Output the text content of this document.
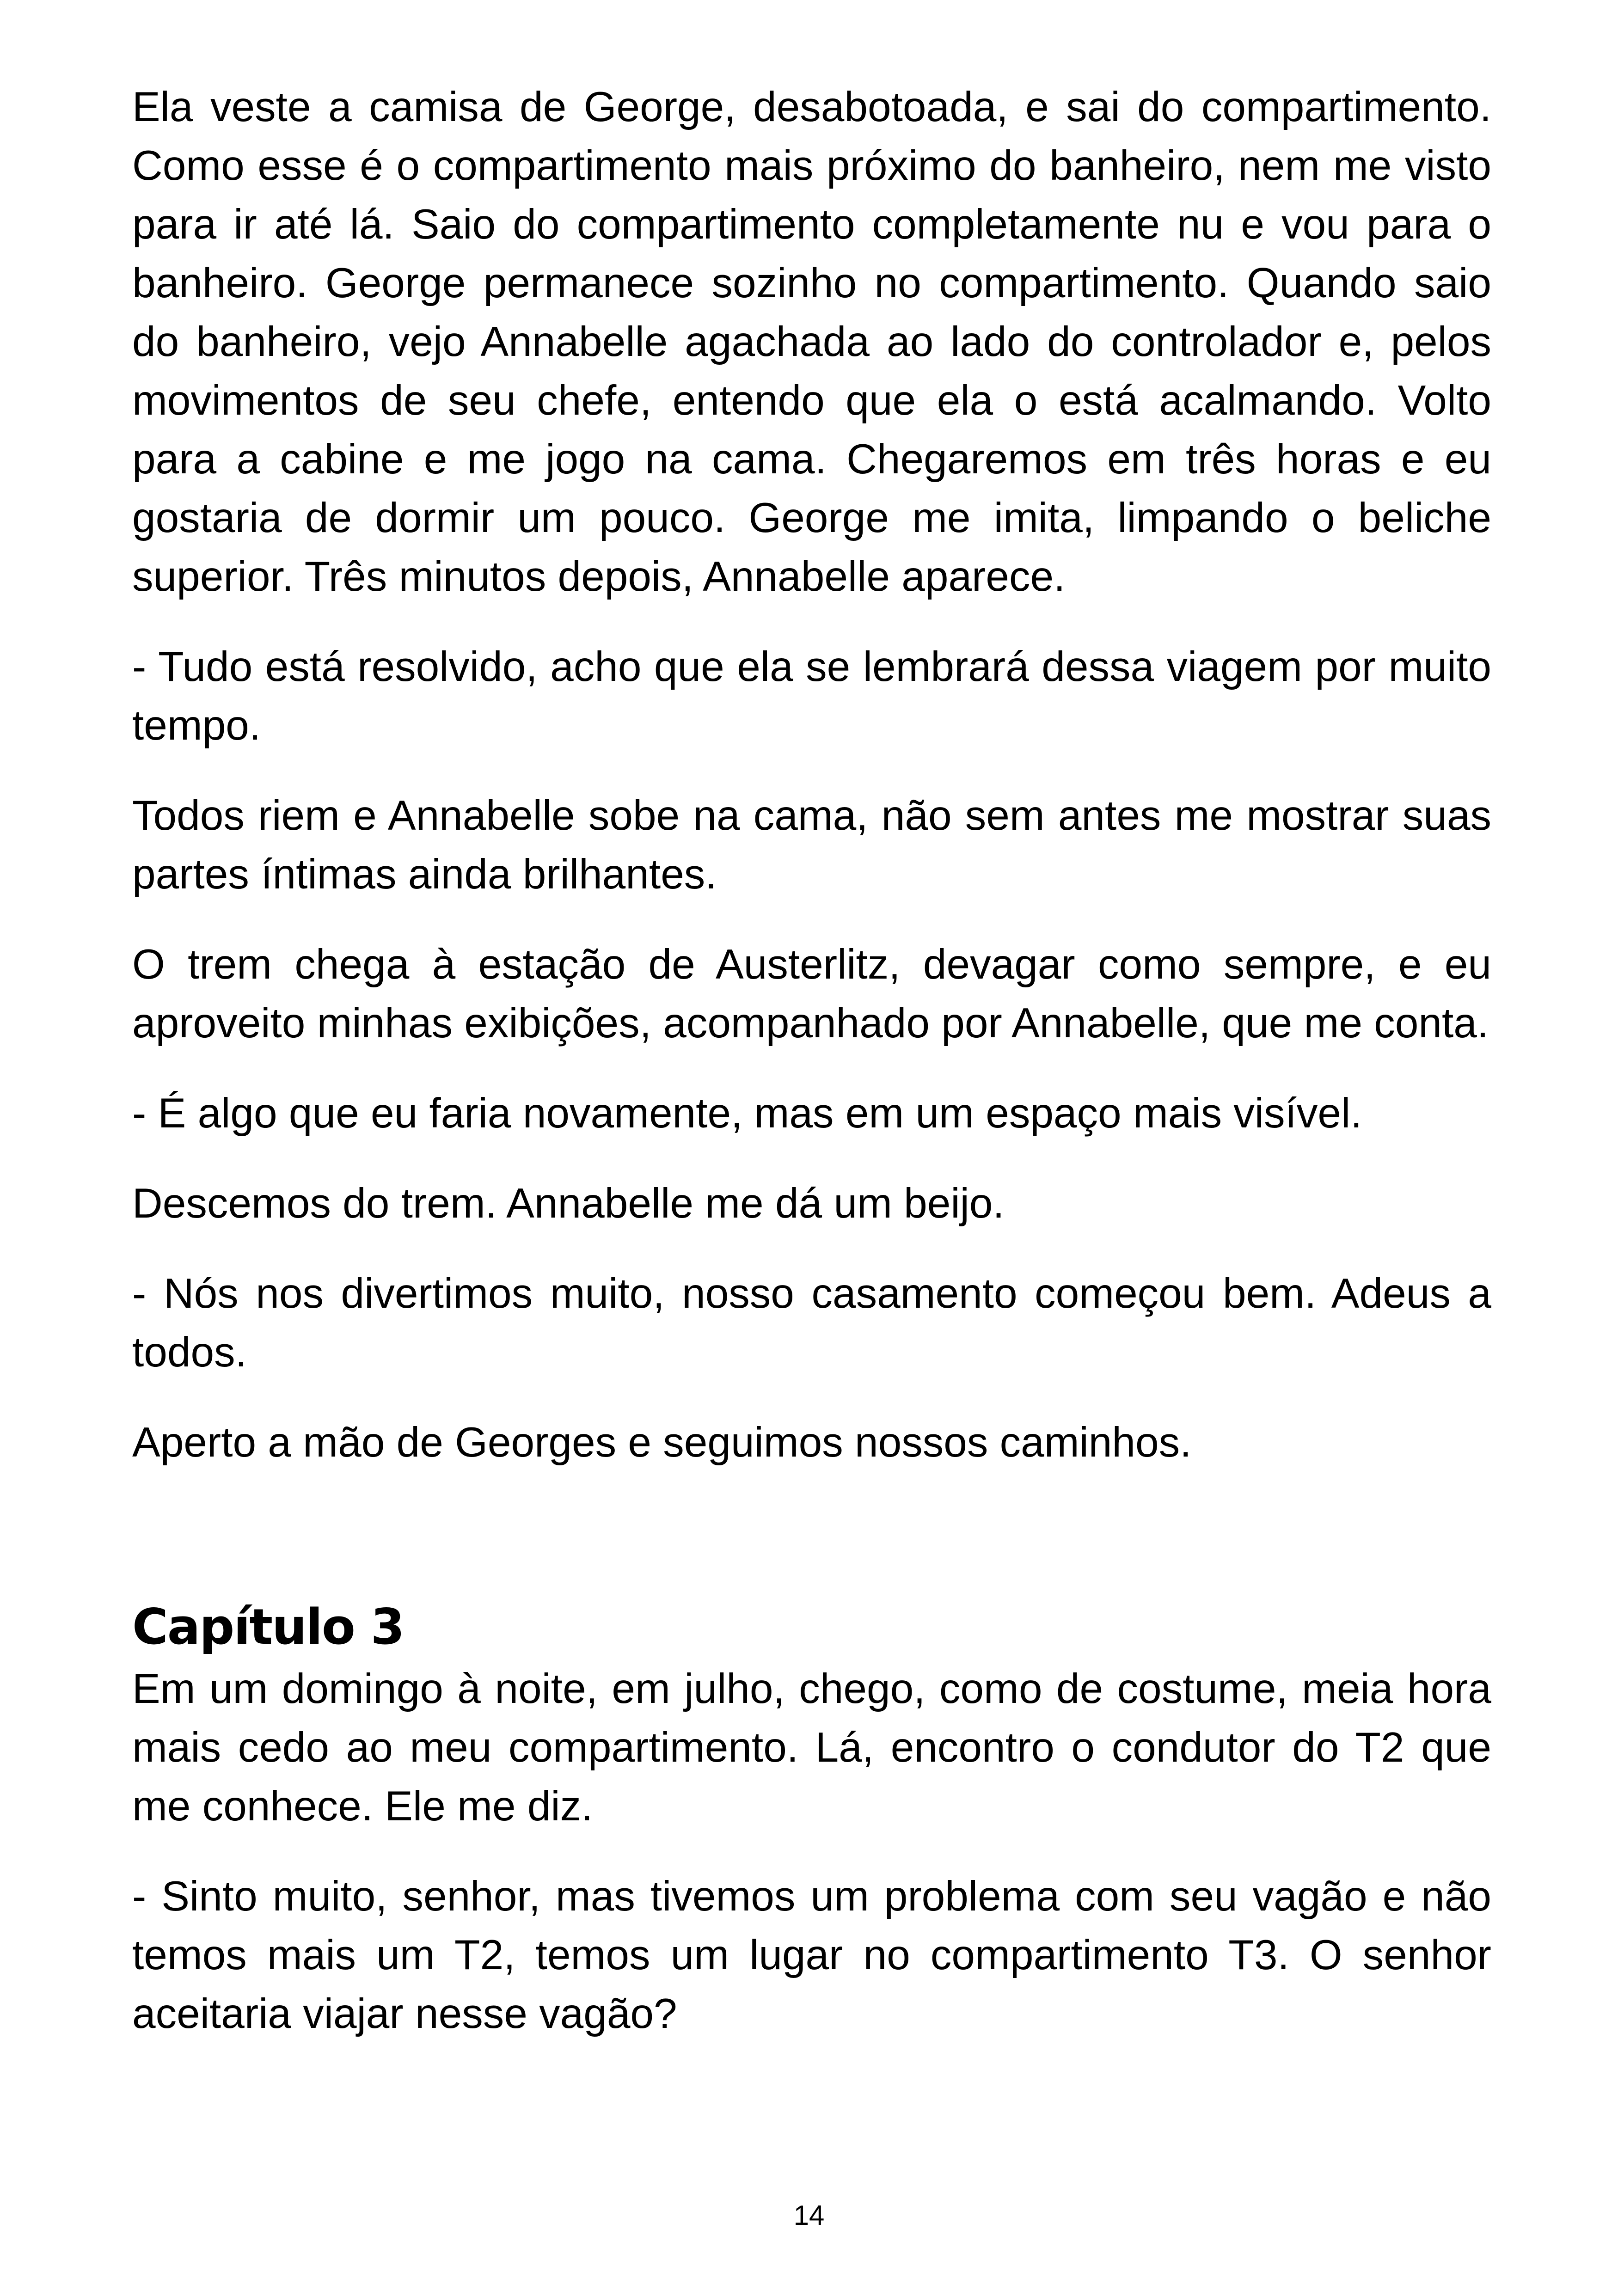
Ela veste a camisa de George, desabotoada, e sai do compartimento. Como esse é o compartimento mais próximo do banheiro, nem me visto para ir até lá. Saio do compartimento completamente nu e vou para o banheiro. George permanece sozinho no compartimento. Quando saio do banheiro, vejo Annabelle agachada ao lado do controlador e, pelos movimentos de seu chefe, entendo que ela o está acalmando. Volto para a cabine e me jogo na cama. Chegaremos em três horas e eu gostaria de dormir um pouco. George me imita, limpando o beliche superior. Três minutos depois, Annabelle aparece.

- Tudo está resolvido, acho que ela se lembrará dessa viagem por muito tempo.

Todos riem e Annabelle sobe na cama, não sem antes me mostrar suas partes íntimas ainda brilhantes.

O trem chega à estação de Austerlitz, devagar como sempre, e eu aproveito minhas exibições, acompanhado por Annabelle, que me conta.

- É algo que eu faria novamente, mas em um espaço mais visível.

Descemos do trem. Annabelle me dá um beijo.

- Nós nos divertimos muito, nosso casamento começou bem. Adeus a todos.

Aperto a mão de Georges e seguimos nossos caminhos.

Capítulo 3

Em um domingo à noite, em julho, chego, como de costume, meia hora mais cedo ao meu compartimento. Lá, encontro o condutor do T2 que me conhece. Ele me diz.

- Sinto muito, senhor, mas tivemos um problema com seu vagão e não temos mais um T2, temos um lugar no compartimento T3. O senhor aceitaria viajar nesse vagão?

14
